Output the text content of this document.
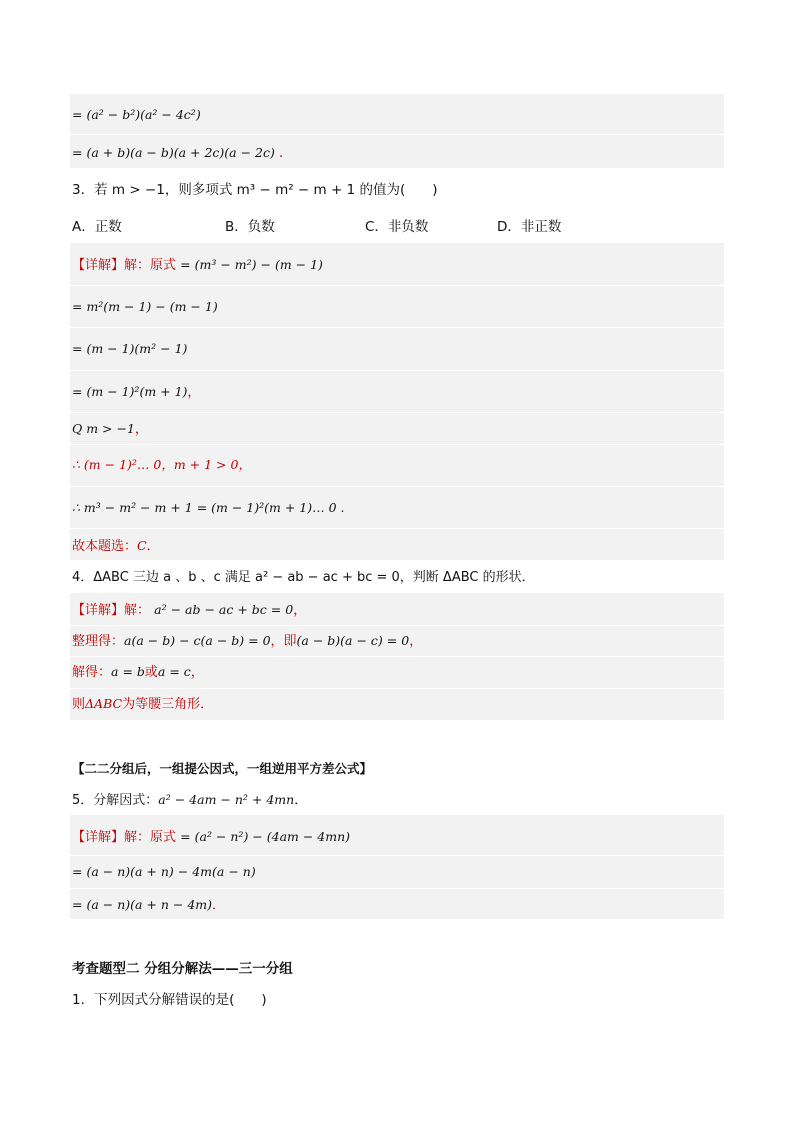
= (a² − b²)(a² − 4c²)
= (a + b)(a − b)(a + 2c)(a − 2c) .
3．若 m > −1，则多项式 m³ − m² − m + 1 的值为(　　)
A．正数	B．负数	C．非负数	D．非正数
【详解】解：原式 = (m³ − m²) − (m − 1)
= m²(m − 1) − (m − 1)
= (m − 1)(m² − 1)
= (m − 1)²(m + 1)，
Q m > −1，
∴ (m − 1)²… 0，m + 1 > 0，
∴ m³ − m² − m + 1 = (m − 1)²(m + 1)… 0 .
故本题选：C．
4．ΔABC 三边 a 、b 、c 满足 a² − ab − ac + bc = 0，判断 ΔABC 的形状．
【详解】解： a² − ab − ac + bc = 0，
整理得：a(a − b) − c(a − b) = 0，即(a − b)(a − c) = 0，
解得：a = b或a = c，
则ΔABC为等腰三角形．
【二二分组后，一组提公因式，一组逆用平方差公式】
5．分解因式：a² − 4am − n² + 4mn．
【详解】解：原式 = (a² − n²) − (4am − 4mn)
= (a − n)(a + n) − 4m(a − n)
= (a − n)(a + n − 4m)．
考查题型二 分组分解法——三一分组
1．下列因式分解错误的是(　　)
